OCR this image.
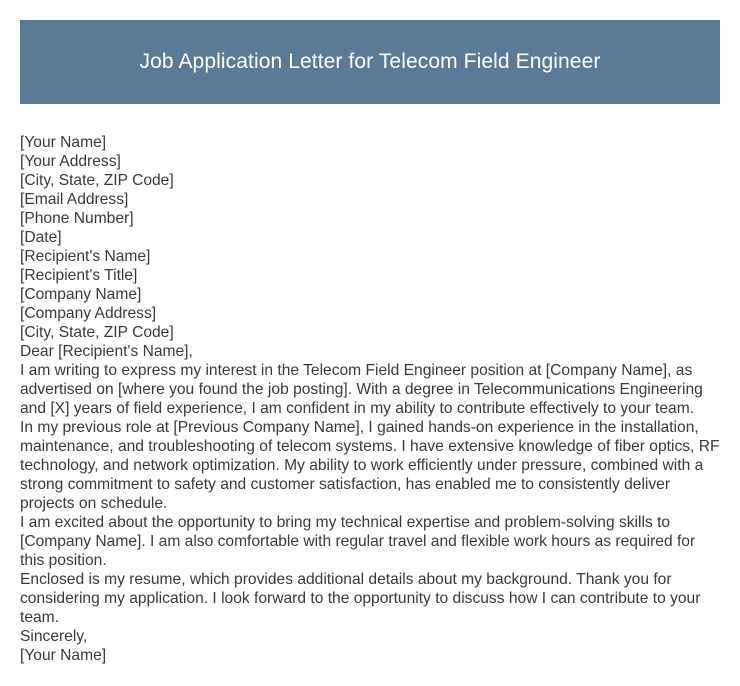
Job Application Letter for Telecom Field Engineer
[Your Name]
[Your Address]
[City, State, ZIP Code]
[Email Address]
[Phone Number]
[Date]
[Recipient's Name]
[Recipient's Title]
[Company Name]
[Company Address]
[City, State, ZIP Code]
Dear [Recipient's Name],

I am writing to express my interest in the Telecom Field Engineer position at [Company Name], as advertised on [where you found the job posting]. With a degree in Telecommunications Engineering and [X] years of field experience, I am confident in my ability to contribute effectively to your team.

In my previous role at [Previous Company Name], I gained hands-on experience in the installation, maintenance, and troubleshooting of telecom systems. I have extensive knowledge of fiber optics, RF technology, and network optimization. My ability to work efficiently under pressure, combined with a strong commitment to safety and customer satisfaction, has enabled me to consistently deliver projects on schedule.

I am excited about the opportunity to bring my technical expertise and problem-solving skills to [Company Name]. I am also comfortable with regular travel and flexible work hours as required for this position.

Enclosed is my resume, which provides additional details about my background. Thank you for considering my application. I look forward to the opportunity to discuss how I can contribute to your team.

Sincerely,
[Your Name]
